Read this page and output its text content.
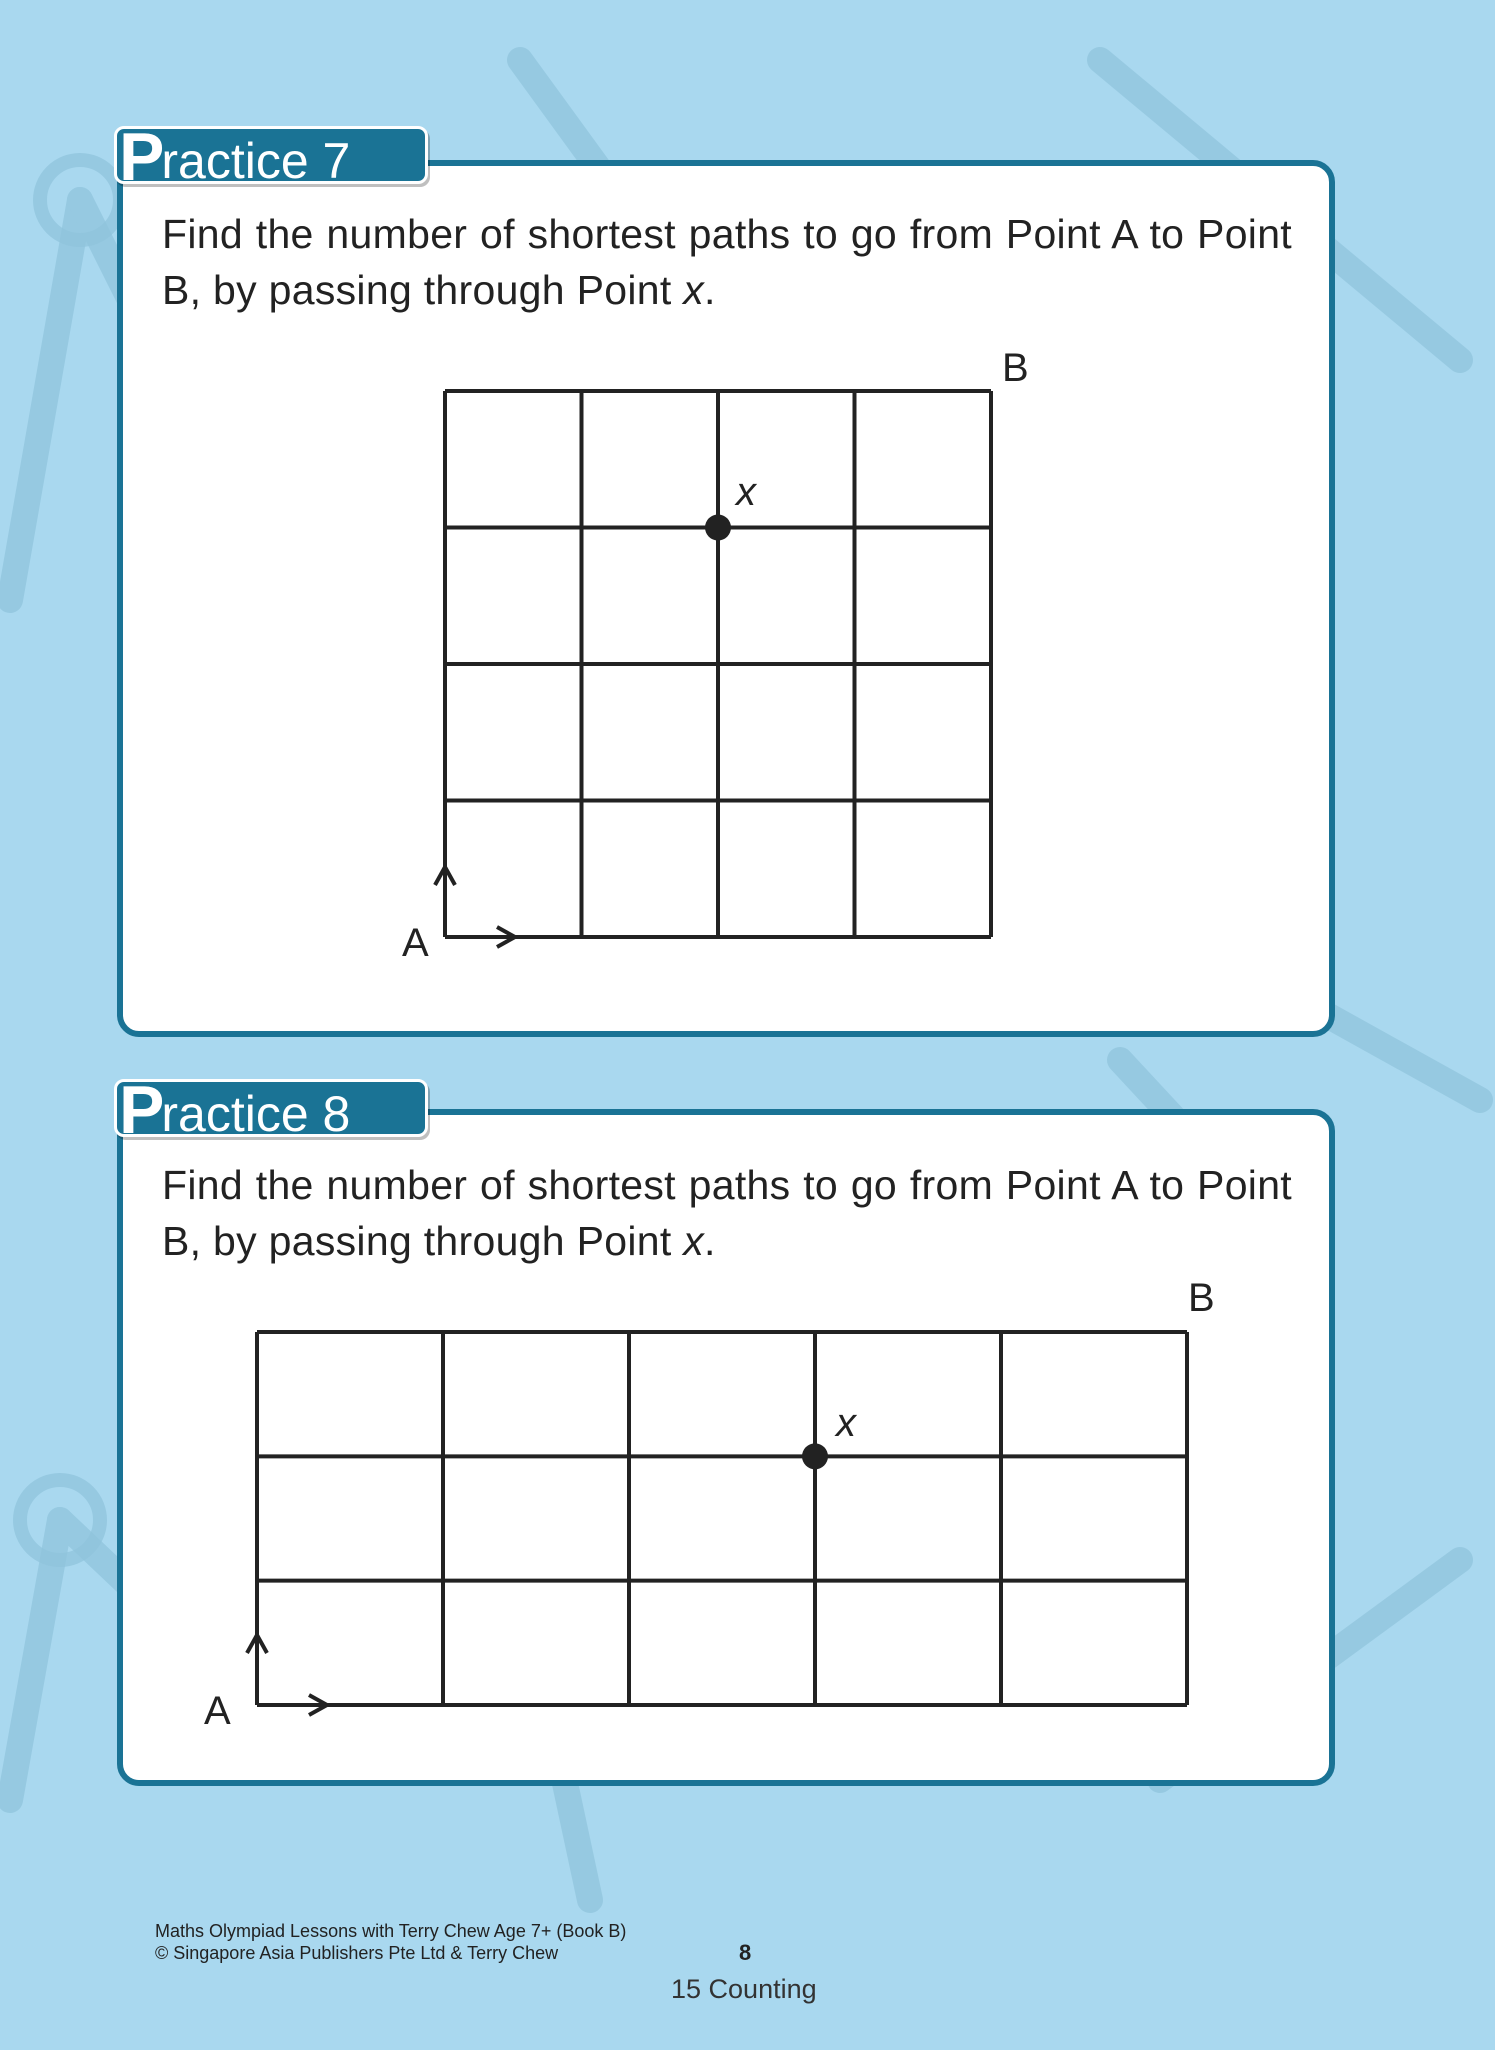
Practice 7

Find the number of shortest paths to go from Point A to Point B, by passing through Point x.

B
A
x
Practice 8

Find the number of shortest paths to go from Point A to Point B, by passing through Point x.

B
A
x
Maths Olympiad Lessons with Terry Chew Age 7+ (Book B)
© Singapore Asia Publishers Pte Ltd & Terry Chew	8
15 Counting
